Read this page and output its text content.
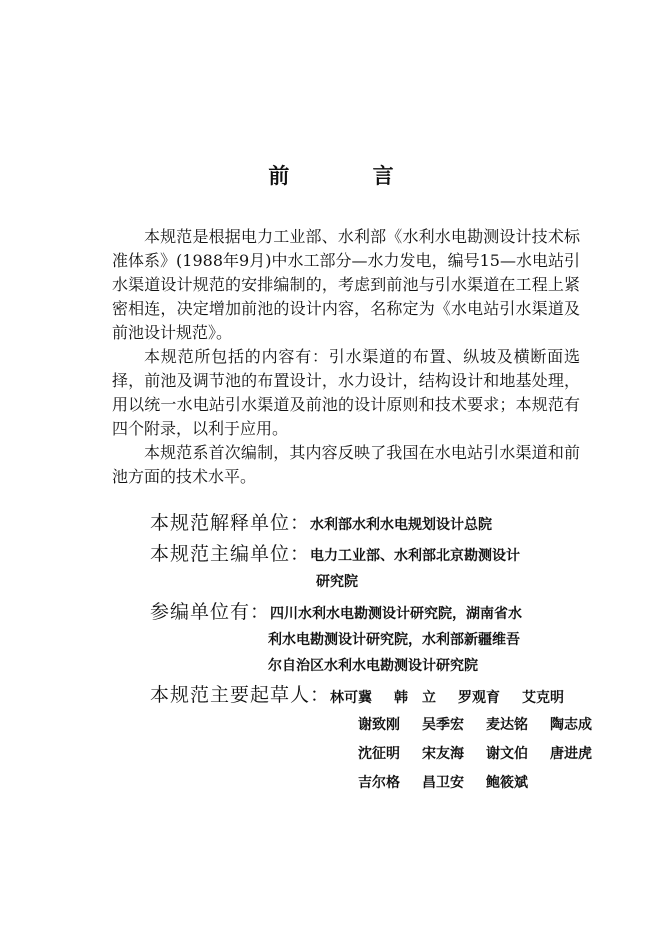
前 言

本规范是根据电力工业部、水利部《水利水电勘测设计技术标准体系》(1988年9月)中水工部分—水力发电，编号15—水电站引水渠道设计规范的安排编制的，考虑到前池与引水渠道在工程上紧密相连，决定增加前池的设计内容，名称定为《水电站引水渠道及前池设计规范》。

本规范所包括的内容有：引水渠道的布置、纵坡及横断面选择，前池及调节池的布置设计，水力设计，结构设计和地基处理，用以统一水电站引水渠道及前池的设计原则和技术要求；本规范有四个附录，以利于应用。

本规范系首次编制，其内容反映了我国在水电站引水渠道和前池方面的技术水平。

本规范解释单位： 水利部水利水电规划设计总院
本规范主编单位： 电力工业部、水利部北京勘测设计
研究院
参编单位有： 四川水利水电勘测设计研究院，湖南省水
利水电勘测设计研究院，水利部新疆维吾
尔自治区水利水电勘测设计研究院
本规范主要起草人： 林可冀 韩　立 罗观育 艾克明
谢致刚 吴季宏 麦达铭 陶志成
沈征明 宋友海 谢文伯 唐进虎
吉尔格 昌卫安 鲍筱斌
